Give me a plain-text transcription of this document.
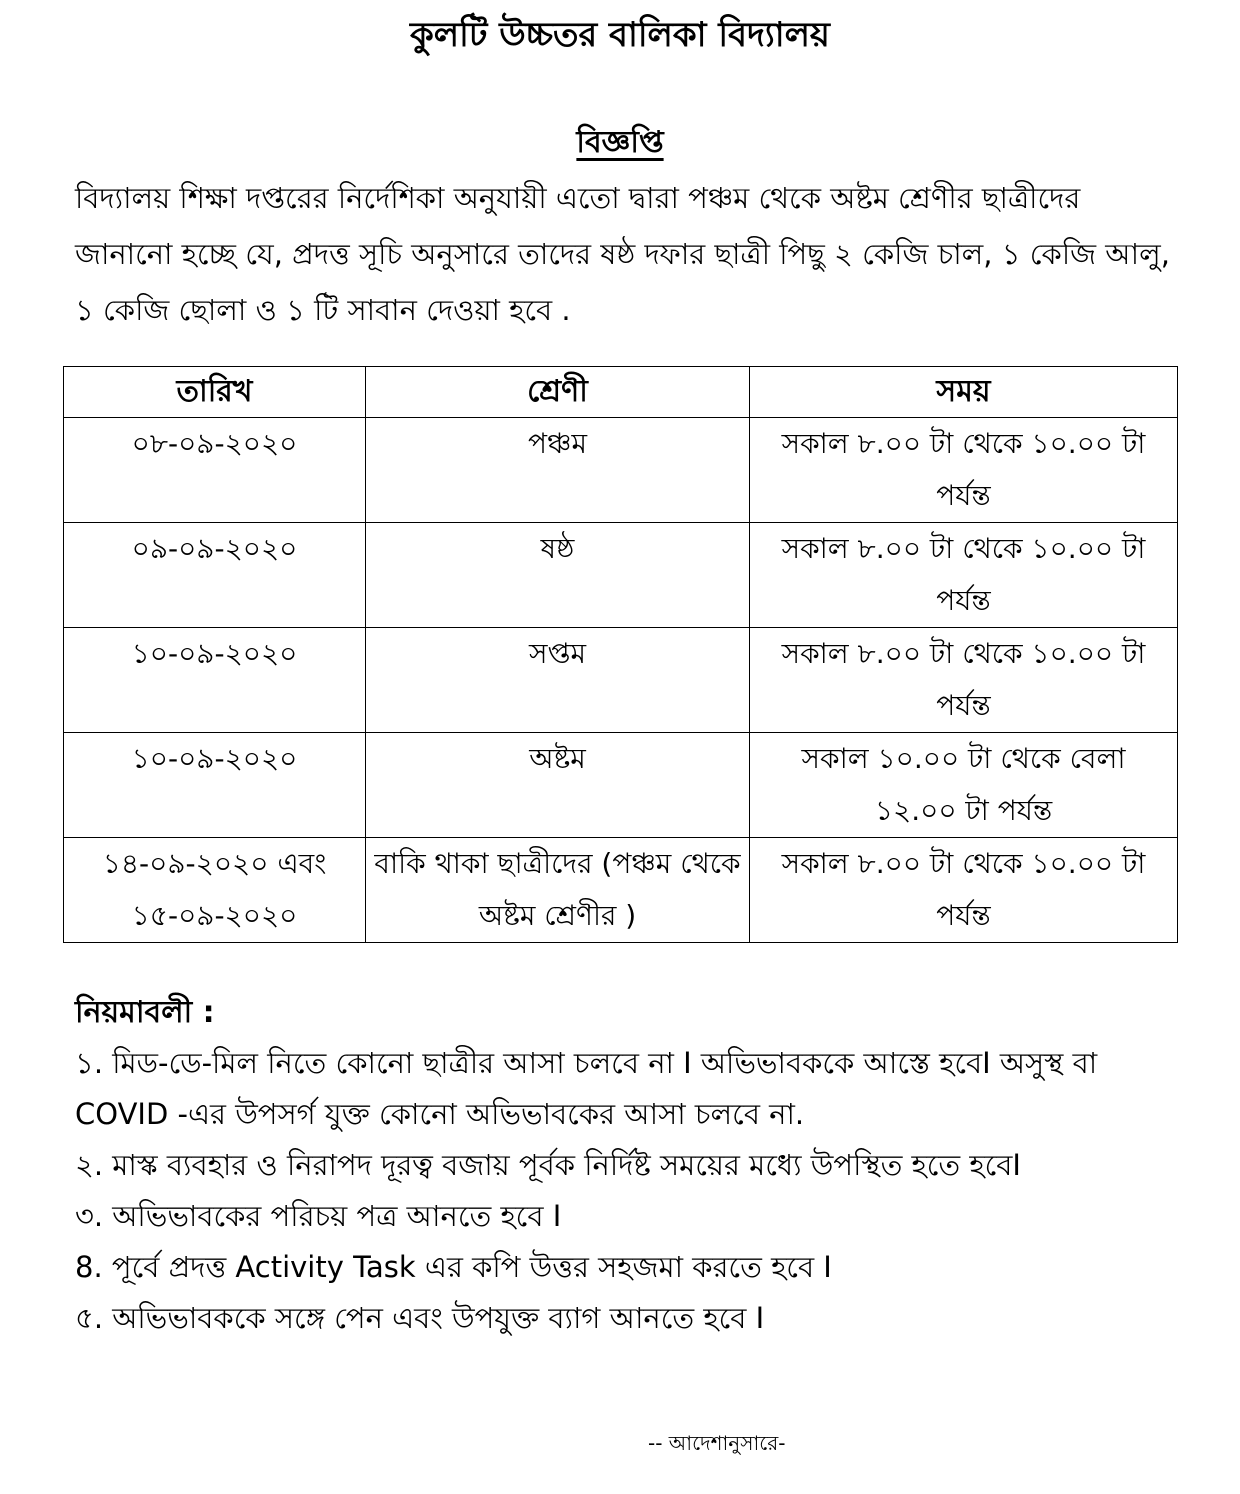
কুলটি উচ্চতর বালিকা বিদ্যালয়
বিজ্ঞপ্তি

বিদ্যালয় শিক্ষা দপ্তরের নির্দেশিকা অনুযায়ী এতো দ্বারা পঞ্চম থেকে অষ্টম শ্রেণীর ছাত্রীদের জানানো হচ্ছে যে, প্রদত্ত সূচি অনুসারে তাদের ষষ্ঠ দফার ছাত্রী পিছু ২ কেজি চাল, ১ কেজি আলু, ১ কেজি ছোলা ও ১ টি সাবান দেওয়া হবে .

তারিখ	শ্রেণী	সময়
০৮-০৯-২০২০	পঞ্চম	সকাল ৮.০০ টা থেকে ১০.০০ টা পর্যন্ত
০৯-০৯-২০২০	ষষ্ঠ	সকাল ৮.০০ টা থেকে ১০.০০ টা পর্যন্ত
১০-০৯-২০২০	সপ্তম	সকাল ৮.০০ টা থেকে ১০.০০ টা পর্যন্ত
১০-০৯-২০২০	অষ্টম	সকাল ১০.০০ টা থেকে বেলা ১২.০০ টা পর্যন্ত
১৪-০৯-২০২০ এবং ১৫-০৯-২০২০	বাকি থাকা ছাত্রীদের (পঞ্চম থেকে অষ্টম শ্রেণীর )	সকাল ৮.০০ টা থেকে ১০.০০ টা পর্যন্ত
নিয়মাবলী :

১. মিড-ডে-মিল নিতে কোনো ছাত্রীর আসা চলবে না I অভিভাবককে আস্তে হবেI অসুস্থ বা COVID -এর উপসর্গ যুক্ত কোনো অভিভাবকের আসা চলবে না.

২. মাস্ক ব্যবহার ও নিরাপদ দূরত্ব বজায় পূর্বক নির্দিষ্ট সময়ের মধ্যে উপস্থিত হতে হবেI

৩. অভিভাবকের পরিচয় পত্র আনতে হবে I

8. পূর্বে প্রদত্ত Activity Task এর কপি উত্তর সহজমা করতে হবে I

৫. অভিভাবককে সঙ্গে পেন এবং উপযুক্ত ব্যাগ আনতে হবে I

-- আদেশানুসারে-
